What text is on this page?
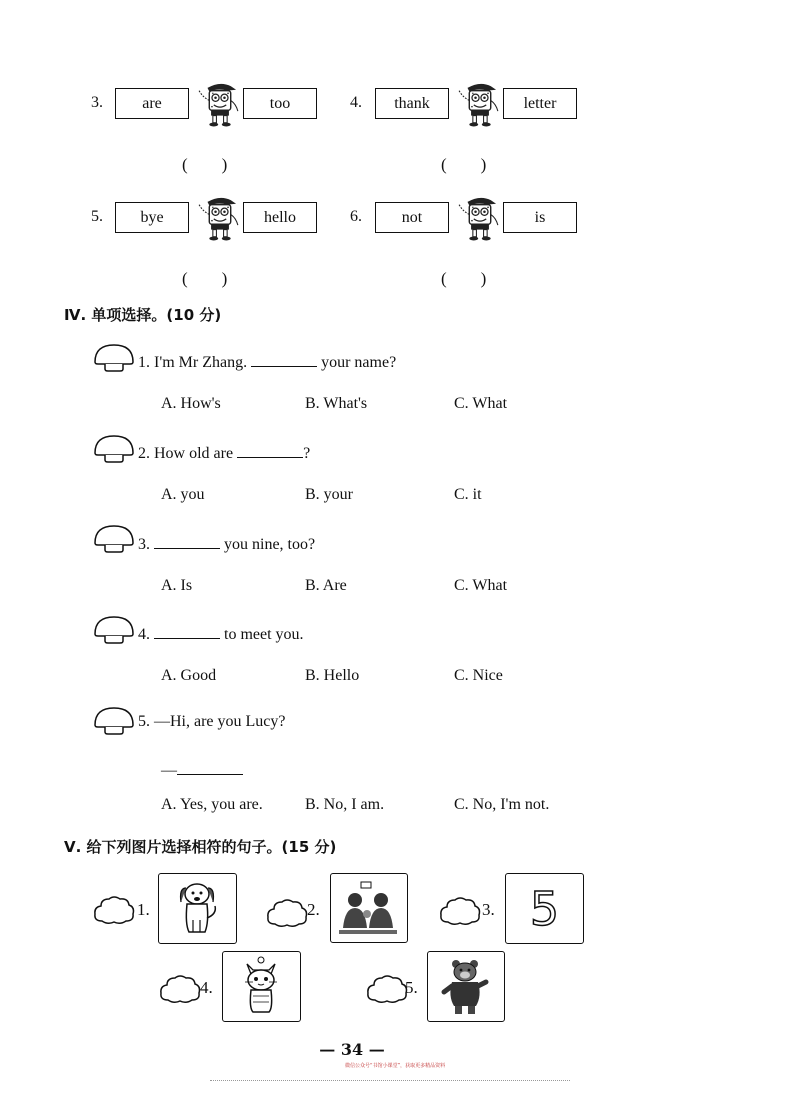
3.	are	too
(　　)
4.	thank	letter
(　　)
5.	bye	hello
(　　)
6.	not	is
(　　)
Ⅳ. 单项选择。(10 分)
1. I'm Mr Zhang.	your name?
A. How's	B. What's	C. What
2. How old are	?
A. you	B. your	C. it
3.	you nine, too?
A. Is	B. Are	C. What
4.	to meet you.
A. Good	B. Hello	C. Nice
5. —Hi, are you Lucy?
—
A. Yes, you are.	B. No, I am.	C. No, I'm not.
Ⅴ. 给下列图片选择相符的句子。(15 分)
1.	2.	3. 5
4.	5.
— 34 —
微信公众号“书馆小课堂”，获取更多精品资料
